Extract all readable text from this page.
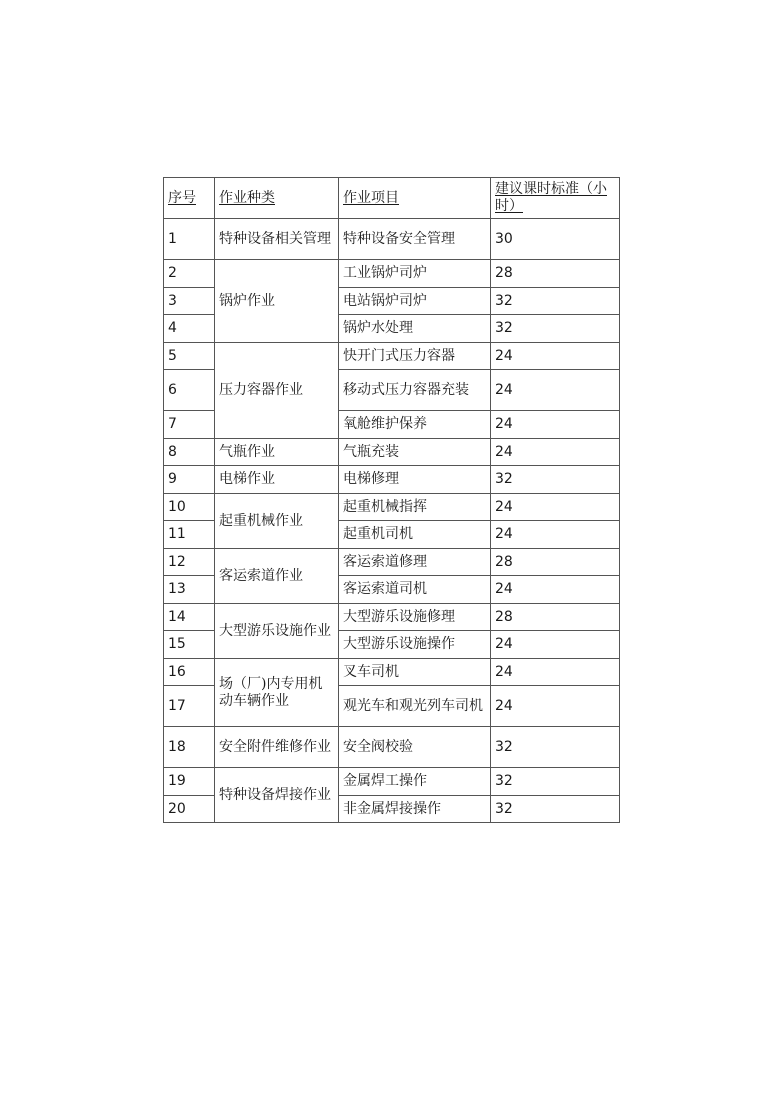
序号	作业种类	作业项目	建议课时标准（小时）
1	特种设备相关管理	特种设备安全管理	30
2	锅炉作业	工业锅炉司炉	28
3		电站锅炉司炉	32
4		锅炉水处理	32
5	压力容器作业	快开门式压力容器	24
6		移动式压力容器充装	24
7		氧舱维护保养	24
8	气瓶作业	气瓶充装	24
9	电梯作业	电梯修理	32
10	起重机械作业	起重机械指挥	24
11		起重机司机	24
12	客运索道作业	客运索道修理	28
13		客运索道司机	24
14	大型游乐设施作业	大型游乐设施修理	28
15		大型游乐设施操作	24
16	场（厂)内专用机动车辆作业	叉车司机	24
17		观光车和观光列车司机	24
18	安全附件维修作业	安全阀校验	32
19	特种设备焊接作业	金属焊工操作	32
20		非金属焊接操作	32
